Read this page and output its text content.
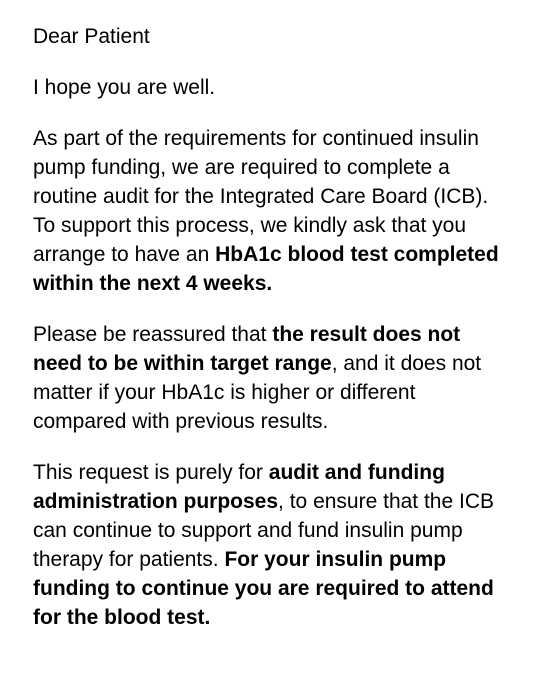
Dear Patient

I hope you are well.

As part of the requirements for continued insulin pump funding, we are required to complete a routine audit for the Integrated Care Board (ICB). To support this process, we kindly ask that you arrange to have an HbA1c blood test completed within the next 4 weeks.

Please be reassured that the result does not need to be within target range, and it does not matter if your HbA1c is higher or different compared with previous results.

This request is purely for audit and funding administration purposes, to ensure that the ICB can continue to support and fund insulin pump therapy for patients. For your insulin pump funding to continue you are required to attend for the blood test.
